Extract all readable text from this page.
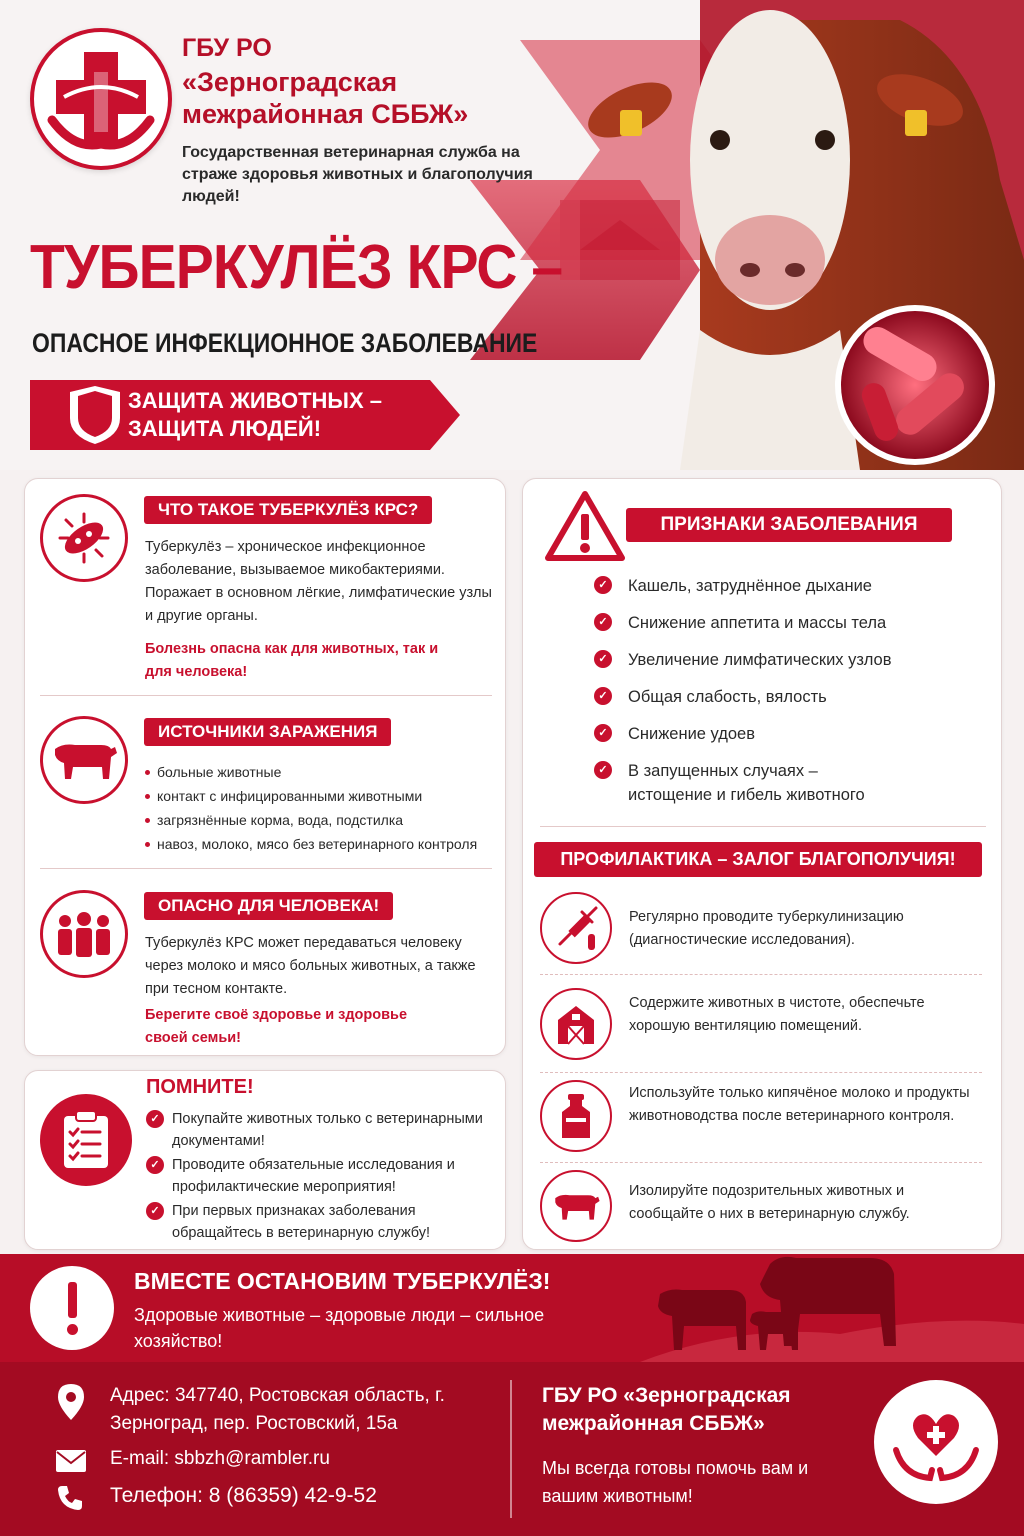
ГБУ РО
«Зерноградская межрайонная СББЖ»
Государственная ветеринарная служба на страже здоровья животных и благополучия людей!
ТУБЕРКУЛЁЗ КРС –
ОПАСНОЕ ИНФЕКЦИОННОЕ ЗАБОЛЕВАНИЕ
ЗАЩИТА ЖИВОТНЫХ –
ЗАЩИТА ЛЮДЕЙ!
ЧТО ТАКОЕ ТУБЕРКУЛЁЗ КРС?
Туберкулёз – хроническое инфекционное заболевание, вызываемое микобактериями. Поражает в основном лёгкие, лимфатические узлы и другие органы.
Болезнь опасна как для животных, так и для человека!
ИСТОЧНИКИ ЗАРАЖЕНИЯ
больные животные
контакт с инфицированными животными
загрязнённые корма, вода, подстилка
навоз, молоко, мясо без ветеринарного контроля
ОПАСНО ДЛЯ ЧЕЛОВЕКА!
Туберкулёз КРС может передаваться человеку через молоко и мясо больных животных, а также при тесном контакте.
Берегите своё здоровье и здоровье своей семьи!
ПОМНИТЕ!
✓ Покупайте животных только с ветеринарными документами!
✓ Проводите обязательные исследования и профилактические мероприятия!
✓ При первых признаках заболевания обращайтесь в ветеринарную службу!
ПРИЗНАКИ ЗАБОЛЕВАНИЯ
✓ Кашель, затруднённое дыхание
✓ Снижение аппетита и массы тела
✓ Увеличение лимфатических узлов
✓ Общая слабость, вялость
✓ Снижение удоев
✓ В запущенных случаях – истощение и гибель животного
ПРОФИЛАКТИКА – ЗАЛОГ БЛАГОПОЛУЧИЯ!
Регулярно проводите туберкулинизацию (диагностические исследования).
Содержите животных в чистоте, обеспечьте хорошую вентиляцию помещений.
Используйте только кипячёное молоко и продукты животноводства после ветеринарного контроля.
Изолируйте подозрительных животных и сообщайте о них в ветеринарную службу.
ВМЕСТЕ ОСТАНОВИМ ТУБЕРКУЛЁЗ!
Здоровые животные – здоровые люди – сильное хозяйство!
Адрес: 347740, Ростовская область, г. Зерноград, пер. Ростовский, 15а
E-mail: sbbzh@rambler.ru
Телефон: 8 (86359) 42-9-52
ГБУ РО «Зерноградская межрайонная СББЖ»
Мы всегда готовы помочь вам и вашим животным!
